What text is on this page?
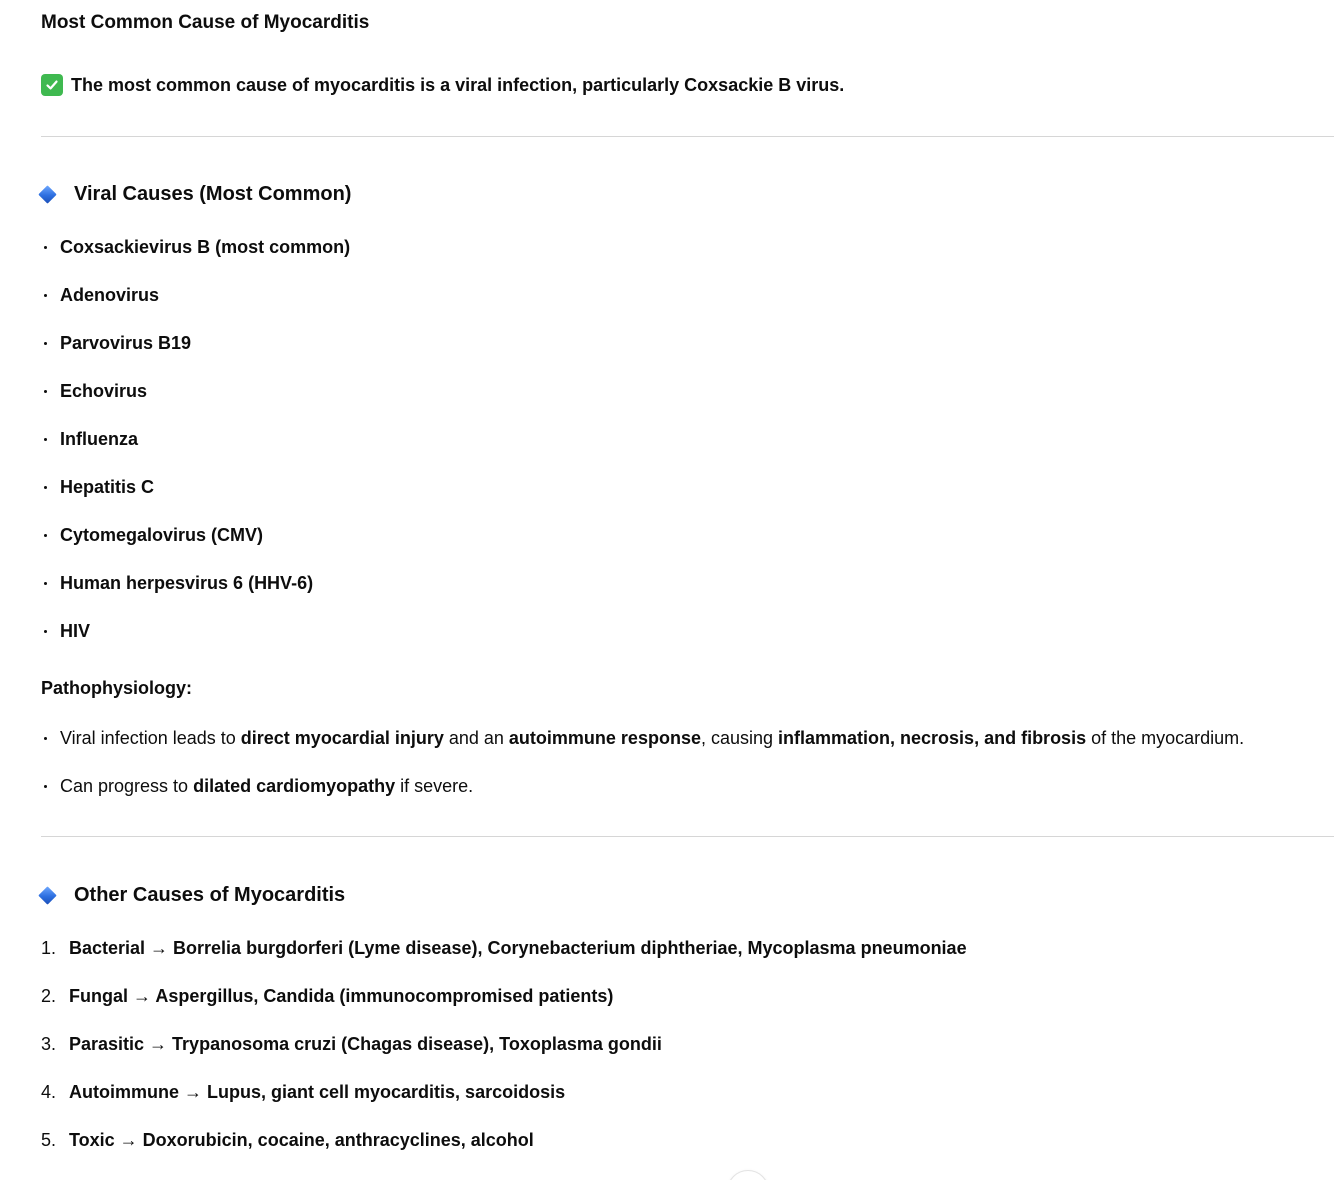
Most Common Cause of Myocarditis

The most common cause of myocarditis is a viral infection, particularly Coxsackie B virus.

Viral Causes (Most Common)
Coxsackievirus B (most common)
Adenovirus
Parvovirus B19
Echovirus
Influenza
Hepatitis C
Cytomegalovirus (CMV)
Human herpesvirus 6 (HHV-6)
HIV
Pathophysiology:
Viral infection leads to direct myocardial injury and an autoimmune response, causing inflammation, necrosis, and fibrosis of the myocardium.
Can progress to dilated cardiomyopathy if severe.
Other Causes of Myocarditis
1. Bacterial → Borrelia burgdorferi (Lyme disease), Corynebacterium diphtheriae, Mycoplasma pneumoniae
2. Fungal → Aspergillus, Candida (immunocompromised patients)
3. Parasitic → Trypanosoma cruzi (Chagas disease), Toxoplasma gondii
4. Autoimmune → Lupus, giant cell myocarditis, sarcoidosis
5. Toxic → Doxorubicin, cocaine, anthracyclines, alcohol
